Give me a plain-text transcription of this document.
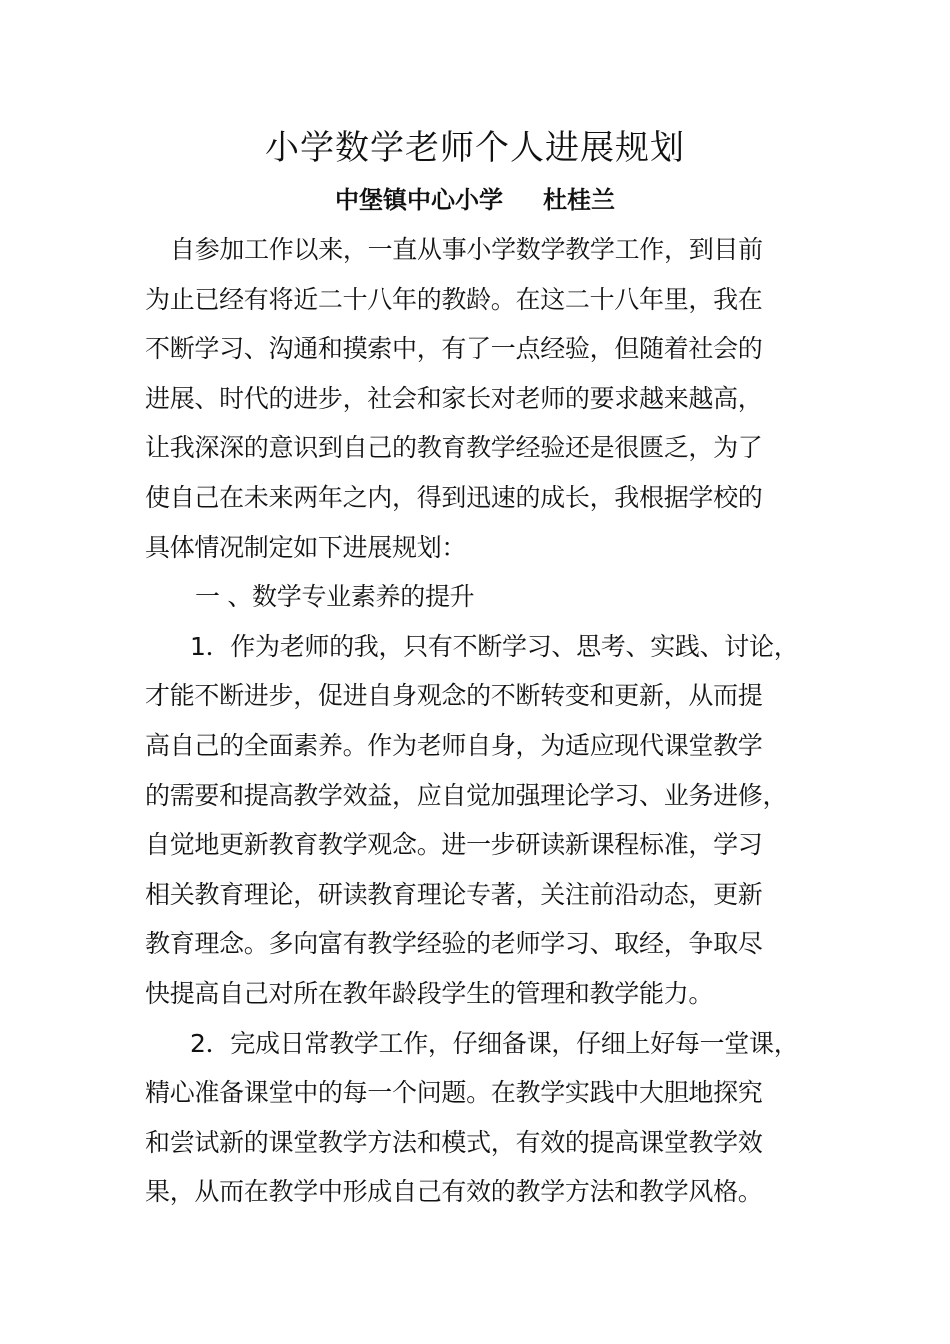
小学数学老师个人进展规划
中堡镇中心小学 杜桂兰
自参加工作以来，一直从事小学数学教学工作，到目前
为止已经有将近二十八年的教龄。在这二十八年里，我在
不断学习、沟通和摸索中，有了一点经验，但随着社会的
进展、时代的进步，社会和家长对老师的要求越来越高，
让我深深的意识到自己的教育教学经验还是很匮乏，为了
使自己在未来两年之内，得到迅速的成长，我根据学校的
具体情况制定如下进展规划：
一 、数学专业素养的提升
1．作为老师的我，只有不断学习、思考、实践、讨论，
才能不断进步，促进自身观念的不断转变和更新，从而提
高自己的全面素养。作为老师自身，为适应现代课堂教学
的需要和提高教学效益，应自觉加强理论学习、业务进修，
自觉地更新教育教学观念。进一步研读新课程标准，学习
相关教育理论，研读教育理论专著，关注前沿动态，更新
教育理念。多向富有教学经验的老师学习、取经，争取尽
快提高自己对所在教年龄段学生的管理和教学能力。
2．完成日常教学工作，仔细备课，仔细上好每一堂课，
精心准备课堂中的每一个问题。在教学实践中大胆地探究
和尝试新的课堂教学方法和模式，有效的提高课堂教学效
果，从而在教学中形成自己有效的教学方法和教学风格。
